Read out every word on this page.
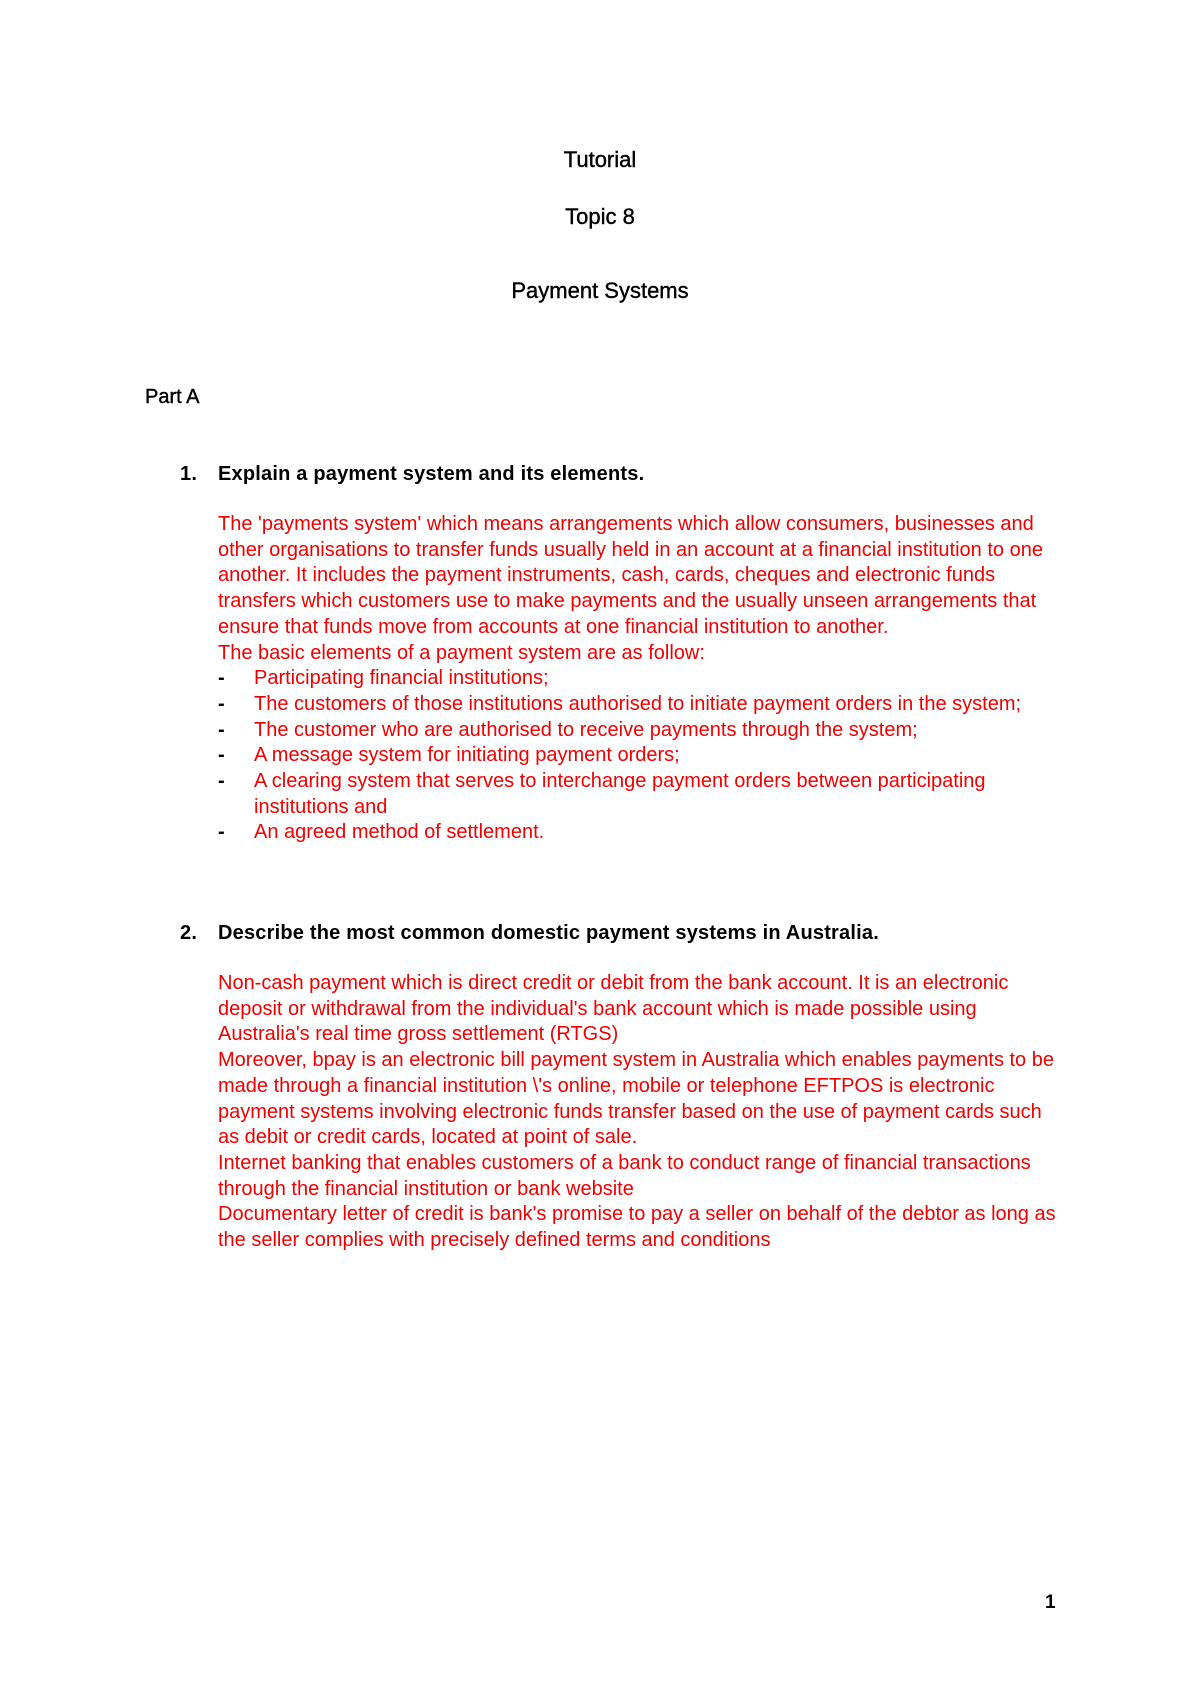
Tutorial
Topic 8
Payment Systems
Part A
1.	Explain a payment system and its elements.

The 'payments system' which means arrangements which allow consumers, businesses and other organisations to transfer funds usually held in an account at a financial institution to one another. It includes the payment instruments, cash, cards, cheques and electronic funds transfers which customers use to make payments and the usually unseen arrangements that ensure that funds move from accounts at one financial institution to another.

The basic elements of a payment system are as follow:

-	Participating financial institutions;
-	The customers of those institutions authorised to initiate payment orders in the system;
-	The customer who are authorised to receive payments through the system;
-	A message system for initiating payment orders;
-	A clearing system that serves to interchange payment orders between participating institutions and
-	An agreed method of settlement.
2.	Describe the most common domestic payment systems in Australia.

Non-cash payment which is direct credit or debit from the bank account. It is an electronic deposit or withdrawal from the individual's bank account which is made possible using Australia's real time gross settlement (RTGS)

Moreover, bpay is an electronic bill payment system in Australia which enables payments to be made through a financial institution \'s online, mobile or telephone EFTPOS is electronic payment systems involving electronic funds transfer based on the use of payment cards such as debit or credit cards, located at point of sale.

Internet banking that enables customers of a bank to conduct range of financial transactions through the financial institution or bank website

Documentary letter of credit is bank's promise to pay a seller on behalf of the debtor as long as the seller complies with precisely defined terms and conditions

1
